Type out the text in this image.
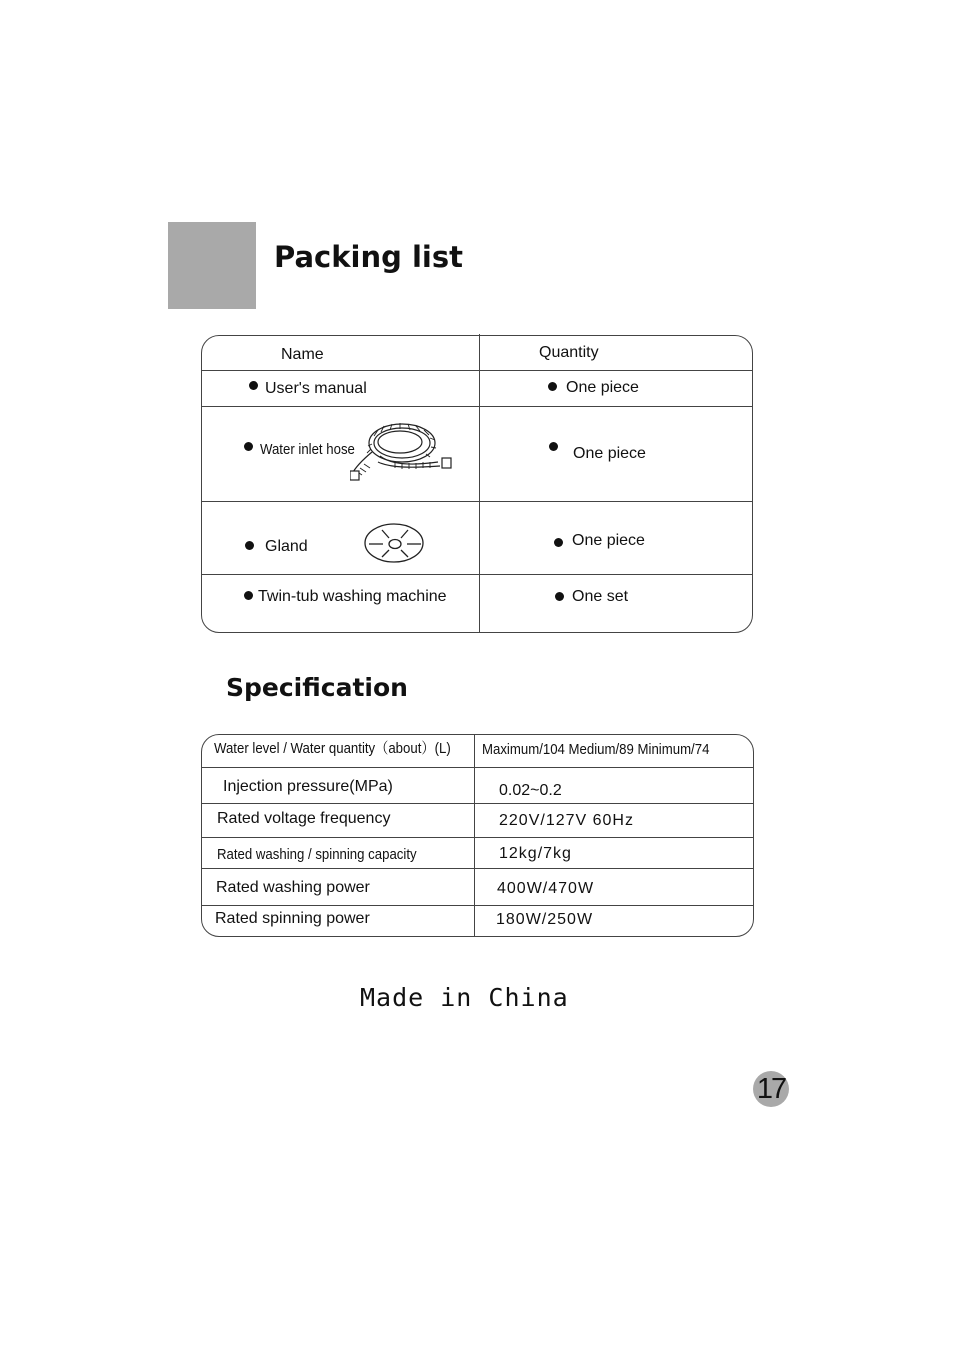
Packing list
Name	Quantity
User's manual	One piece
Water inlet hose	One piece
Gland	One piece
Twin-tub washing machine	One set
Specification
Water level / Water quantity（about）(L) Maximum/104 Medium/89 Minimum/74
Injection pressure(MPa)	0.02~0.2
Rated voltage frequency	220V/127V 60Hz
Rated washing / spinning capacity	12kg/7kg
Rated washing power	400W/470W
Rated spinning power	180W/250W
Made in China
17
